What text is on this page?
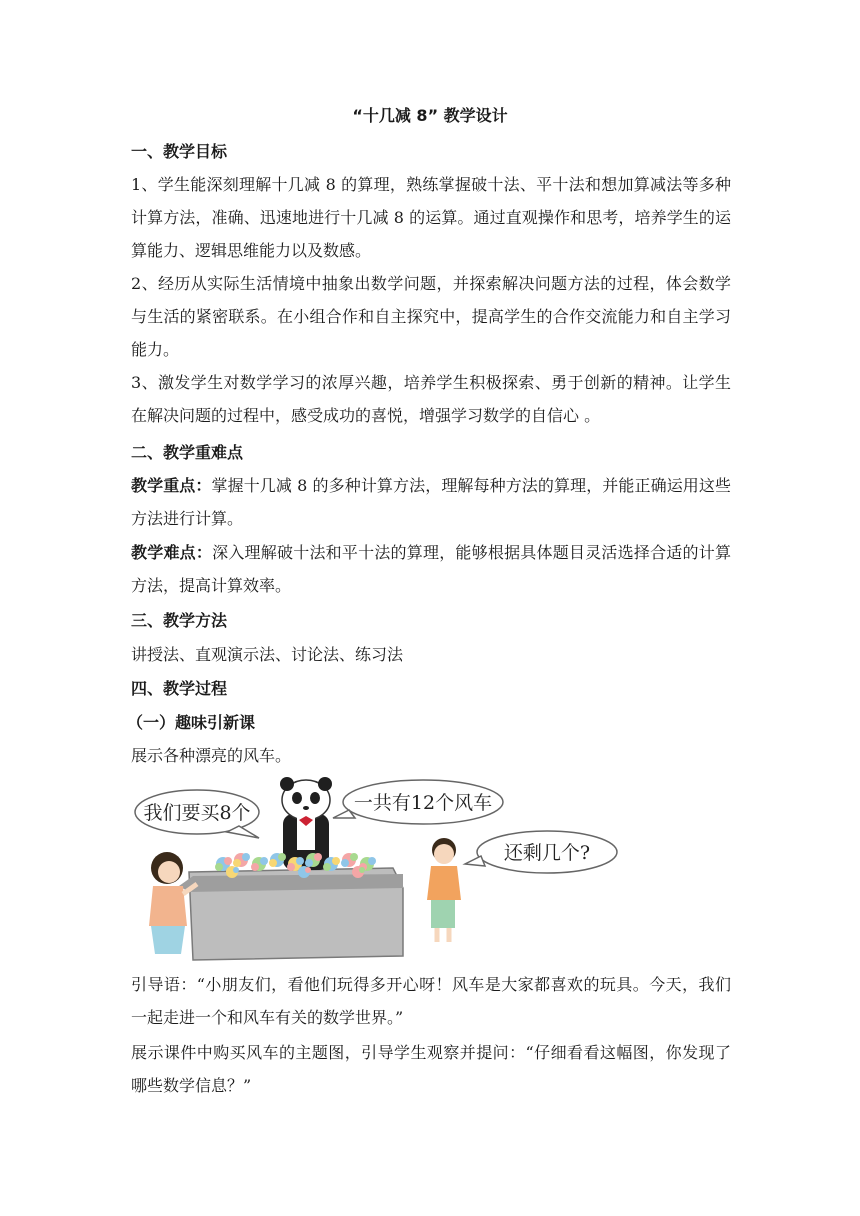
“十几减 8” 教学设计
一、教学目标
1、学生能深刻理解十几减 8 的算理，熟练掌握破十法、平十法和想加算减法等多种计算方法，准确、迅速地进行十几减 8 的运算。通过直观操作和思考，培养学生的运算能力、逻辑思维能力以及数感。
2、经历从实际生活情境中抽象出数学问题，并探索解决问题方法的过程，体会数学与生活的紧密联系。在小组合作和自主探究中，提高学生的合作交流能力和自主学习能力。
3、激发学生对数学学习的浓厚兴趣，培养学生积极探索、勇于创新的精神。让学生在解决问题的过程中，感受成功的喜悦，增强学习数学的自信心 。
二、教学重难点
教学重点：掌握十几减 8 的多种计算方法，理解每种方法的算理，并能正确运用这些方法进行计算。
教学难点：深入理解破十法和平十法的算理，能够根据具体题目灵活选择合适的计算方法，提高计算效率。
三、教学方法
讲授法、直观演示法、讨论法、练习法
四、教学过程
（一）趣味引新课
展示各种漂亮的风车。
我们要买8个	一共有12个风车
还剩几个?
引导语：“小朋友们，看他们玩得多开心呀！风车是大家都喜欢的玩具。今天，我们一起走进一个和风车有关的数学世界。”
展示课件中购买风车的主题图，引导学生观察并提问：“仔细看看这幅图，你发现了哪些数学信息？”
